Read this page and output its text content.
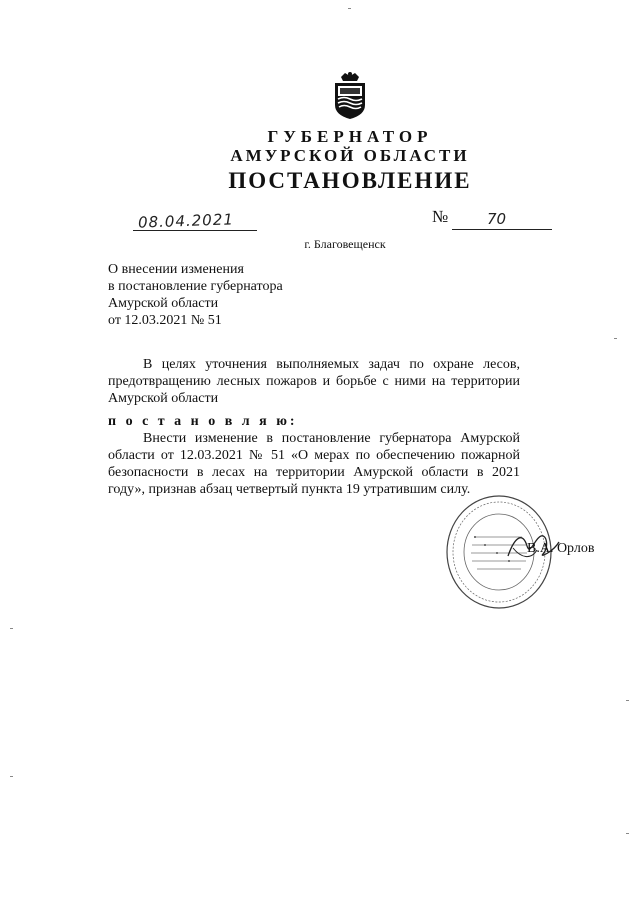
ГУБЕРНАТОР
АМУРСКОЙ ОБЛАСТИ
ПОСТАНОВЛЕНИЕ
08.04.2021	№	70
г. Благовещенск
О внесении изменения
в постановление губернатора
Амурской области
от 12.03.2021 № 51
В целях уточнения выполняемых задач по охране лесов, предотвращению лесных пожаров и борьбе с ними на территории Амурской области
п о с т а н о в л я ю:
Внести изменение в постановление губернатора Амурской области от 12.03.2021 № 51 «О мерах по обеспечению пожарной безопасности в лесах на территории Амурской области в 2021 году», признав абзац четвертый пункта 19 утратившим силу.
В.А. Орлов
